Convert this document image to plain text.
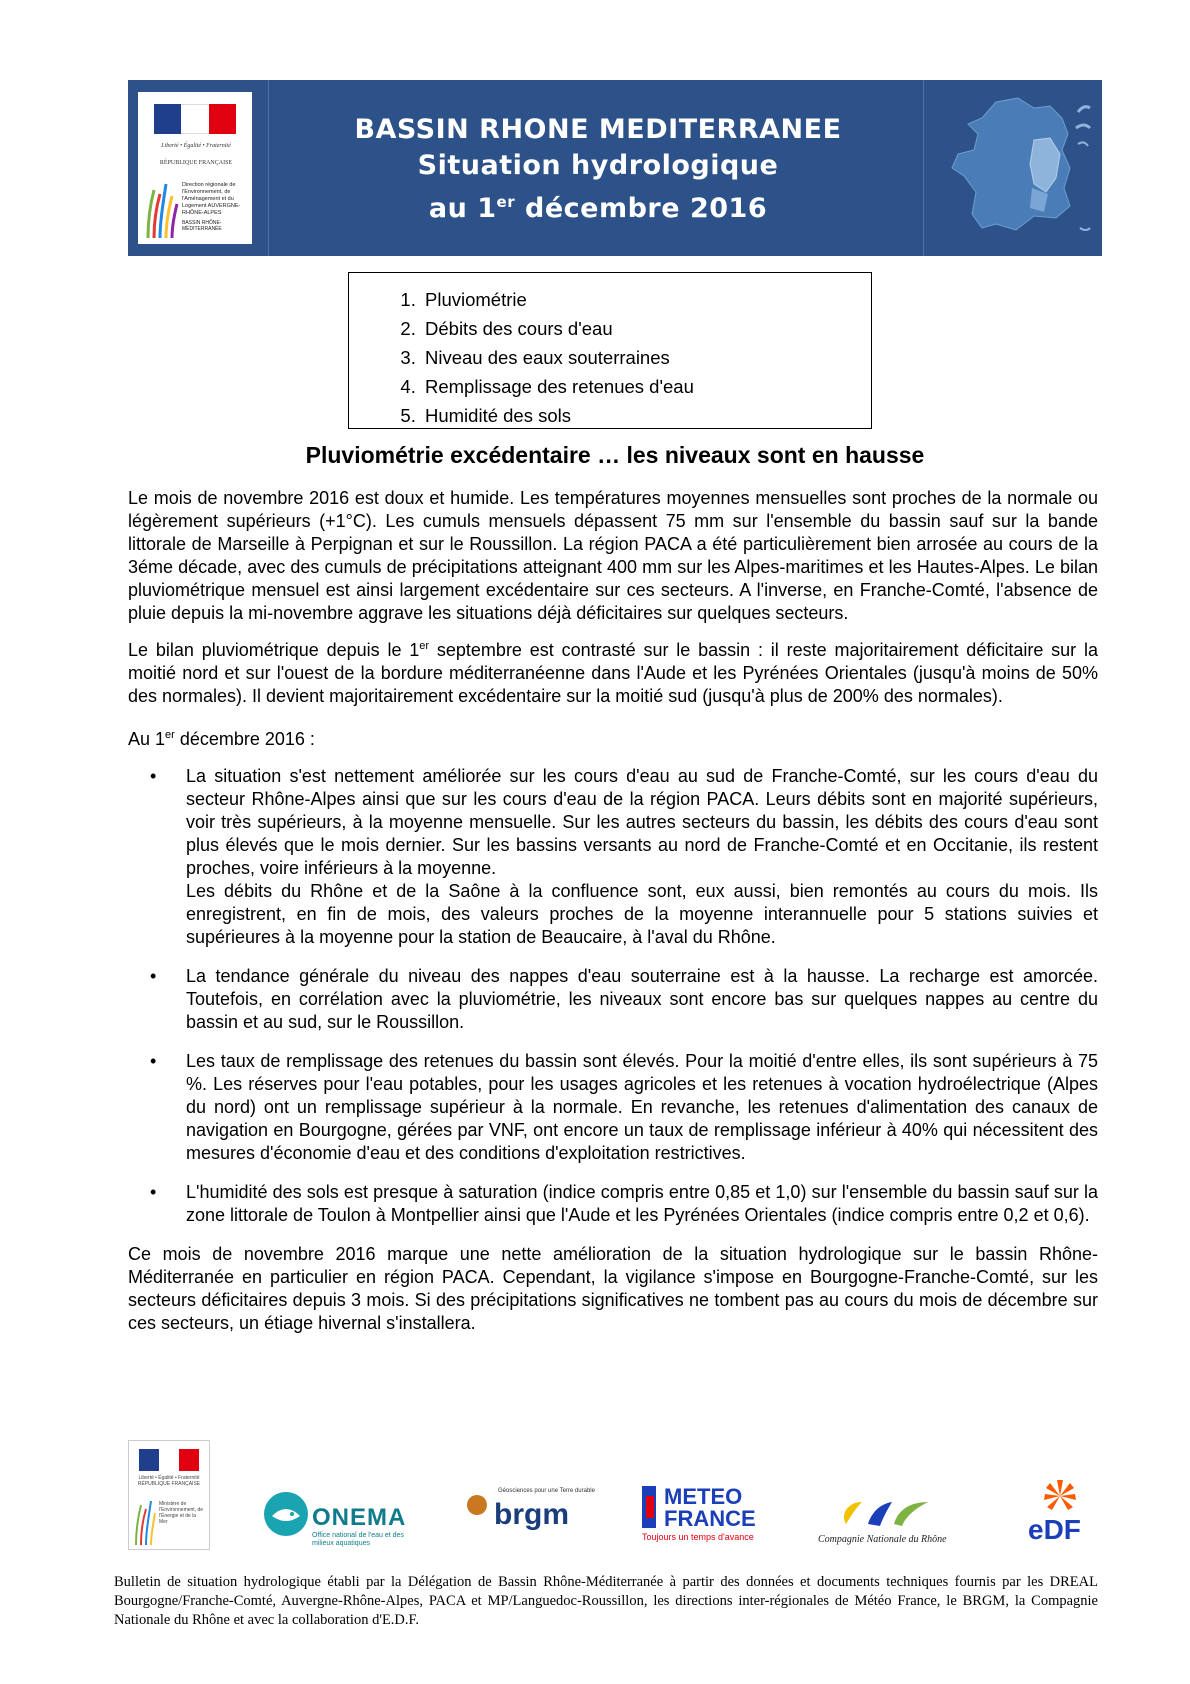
Liberté • Égalité • Fraternité
RÉPUBLIQUE FRANÇAISE
Direction régionale de l'Environnement, de l'Aménagement et du Logement AUVERGNE-RHÔNE-ALPES
BASSIN RHÔNE-MÉDITERRANÉE
BASSIN RHONE MEDITERRANEE
Situation hydrologique
au 1er décembre 2016
1. Pluviométrie
2. Débits des cours d'eau
3. Niveau des eaux souterraines
4. Remplissage des retenues d'eau
5. Humidité des sols
Pluviométrie excédentaire … les niveaux sont en hausse

Le mois de novembre 2016 est doux et humide. Les températures moyennes mensuelles sont proches de la normale ou légèrement supérieurs (+1°C). Les cumuls mensuels dépassent 75 mm sur l'ensemble du bassin sauf sur la bande littorale de Marseille à Perpignan et sur le Roussillon. La région PACA a été particulièrement bien arrosée au cours de la 3éme décade, avec des cumuls de précipitations atteignant 400 mm sur les Alpes-maritimes et les Hautes-Alpes. Le bilan pluviométrique mensuel est ainsi largement excédentaire sur ces secteurs. A l'inverse, en Franche-Comté, l'absence de pluie depuis la mi-novembre aggrave les situations déjà déficitaires sur quelques secteurs.

Le bilan pluviométrique depuis le 1er septembre est contrasté sur le bassin : il reste majoritairement déficitaire sur la moitié nord et sur l'ouest de la bordure méditerranéenne dans l'Aude et les Pyrénées Orientales (jusqu'à moins de 50% des normales). Il devient majoritairement excédentaire sur la moitié sud (jusqu'à plus de 200% des normales).

Au 1er décembre 2016 :

• La situation s'est nettement améliorée sur les cours d'eau au sud de Franche-Comté, sur les cours d'eau du secteur Rhône-Alpes ainsi que sur les cours d'eau de la région PACA. Leurs débits sont en majorité supérieurs, voir très supérieurs, à la moyenne mensuelle. Sur les autres secteurs du bassin, les débits des cours d'eau sont plus élevés que le mois dernier. Sur les bassins versants au nord de Franche-Comté et en Occitanie, ils restent proches, voire inférieurs à la moyenne.
Les débits du Rhône et de la Saône à la confluence sont, eux aussi, bien remontés au cours du mois. Ils enregistrent, en fin de mois, des valeurs proches de la moyenne interannuelle pour 5 stations suivies et supérieures à la moyenne pour la station de Beaucaire, à l'aval du Rhône.
• La tendance générale du niveau des nappes d'eau souterraine est à la hausse. La recharge est amorcée. Toutefois, en corrélation avec la pluviométrie, les niveaux sont encore bas sur quelques nappes au centre du bassin et au sud, sur le Roussillon.
• Les taux de remplissage des retenues du bassin sont élevés. Pour la moitié d'entre elles, ils sont supérieurs à 75 %. Les réserves pour l'eau potables, pour les usages agricoles et les retenues à vocation hydroélectrique (Alpes du nord) ont un remplissage supérieur à la normale. En revanche, les retenues d'alimentation des canaux de navigation en Bourgogne, gérées par VNF, ont encore un taux de remplissage inférieur à 40% qui nécessitent des mesures d'économie d'eau et des conditions d'exploitation restrictives.
• L'humidité des sols est presque à saturation (indice compris entre 0,85 et 1,0) sur l'ensemble du bassin sauf sur la zone littorale de Toulon à Montpellier ainsi que l'Aude et les Pyrénées Orientales (indice compris entre 0,2 et 0,6).

Ce mois de novembre 2016 marque une nette amélioration de la situation hydrologique sur le bassin Rhône-Méditerranée en particulier en région PACA. Cependant, la vigilance s'impose en Bourgogne-Franche-Comté, sur les secteurs déficitaires depuis 3 mois. Si des précipitations significatives ne tombent pas au cours du mois de décembre sur ces secteurs, un étiage hivernal s'installera.

Liberté • Égalité • Fraternité RÉPUBLIQUE FRANÇAISE
Ministère de l'Environnement, de l'Énergie et de la Mer	ONEMA
Office national de l'eau et des milieux aquatiques
Géosciences pour une Terre durable
brgm
METEO
FRANCE
Toujours un temps d'avance	Compagnie Nationale du Rhône	eDF
Bulletin de situation hydrologique établi par la Délégation de Bassin Rhône-Méditerranée à partir des données et documents techniques fournis par les DREAL Bourgogne/Franche-Comté, Auvergne-Rhône-Alpes, PACA et MP/Languedoc-Roussillon, les directions inter-régionales de Météo France, le BRGM, la Compagnie Nationale du Rhône et avec la collaboration d'E.D.F.
